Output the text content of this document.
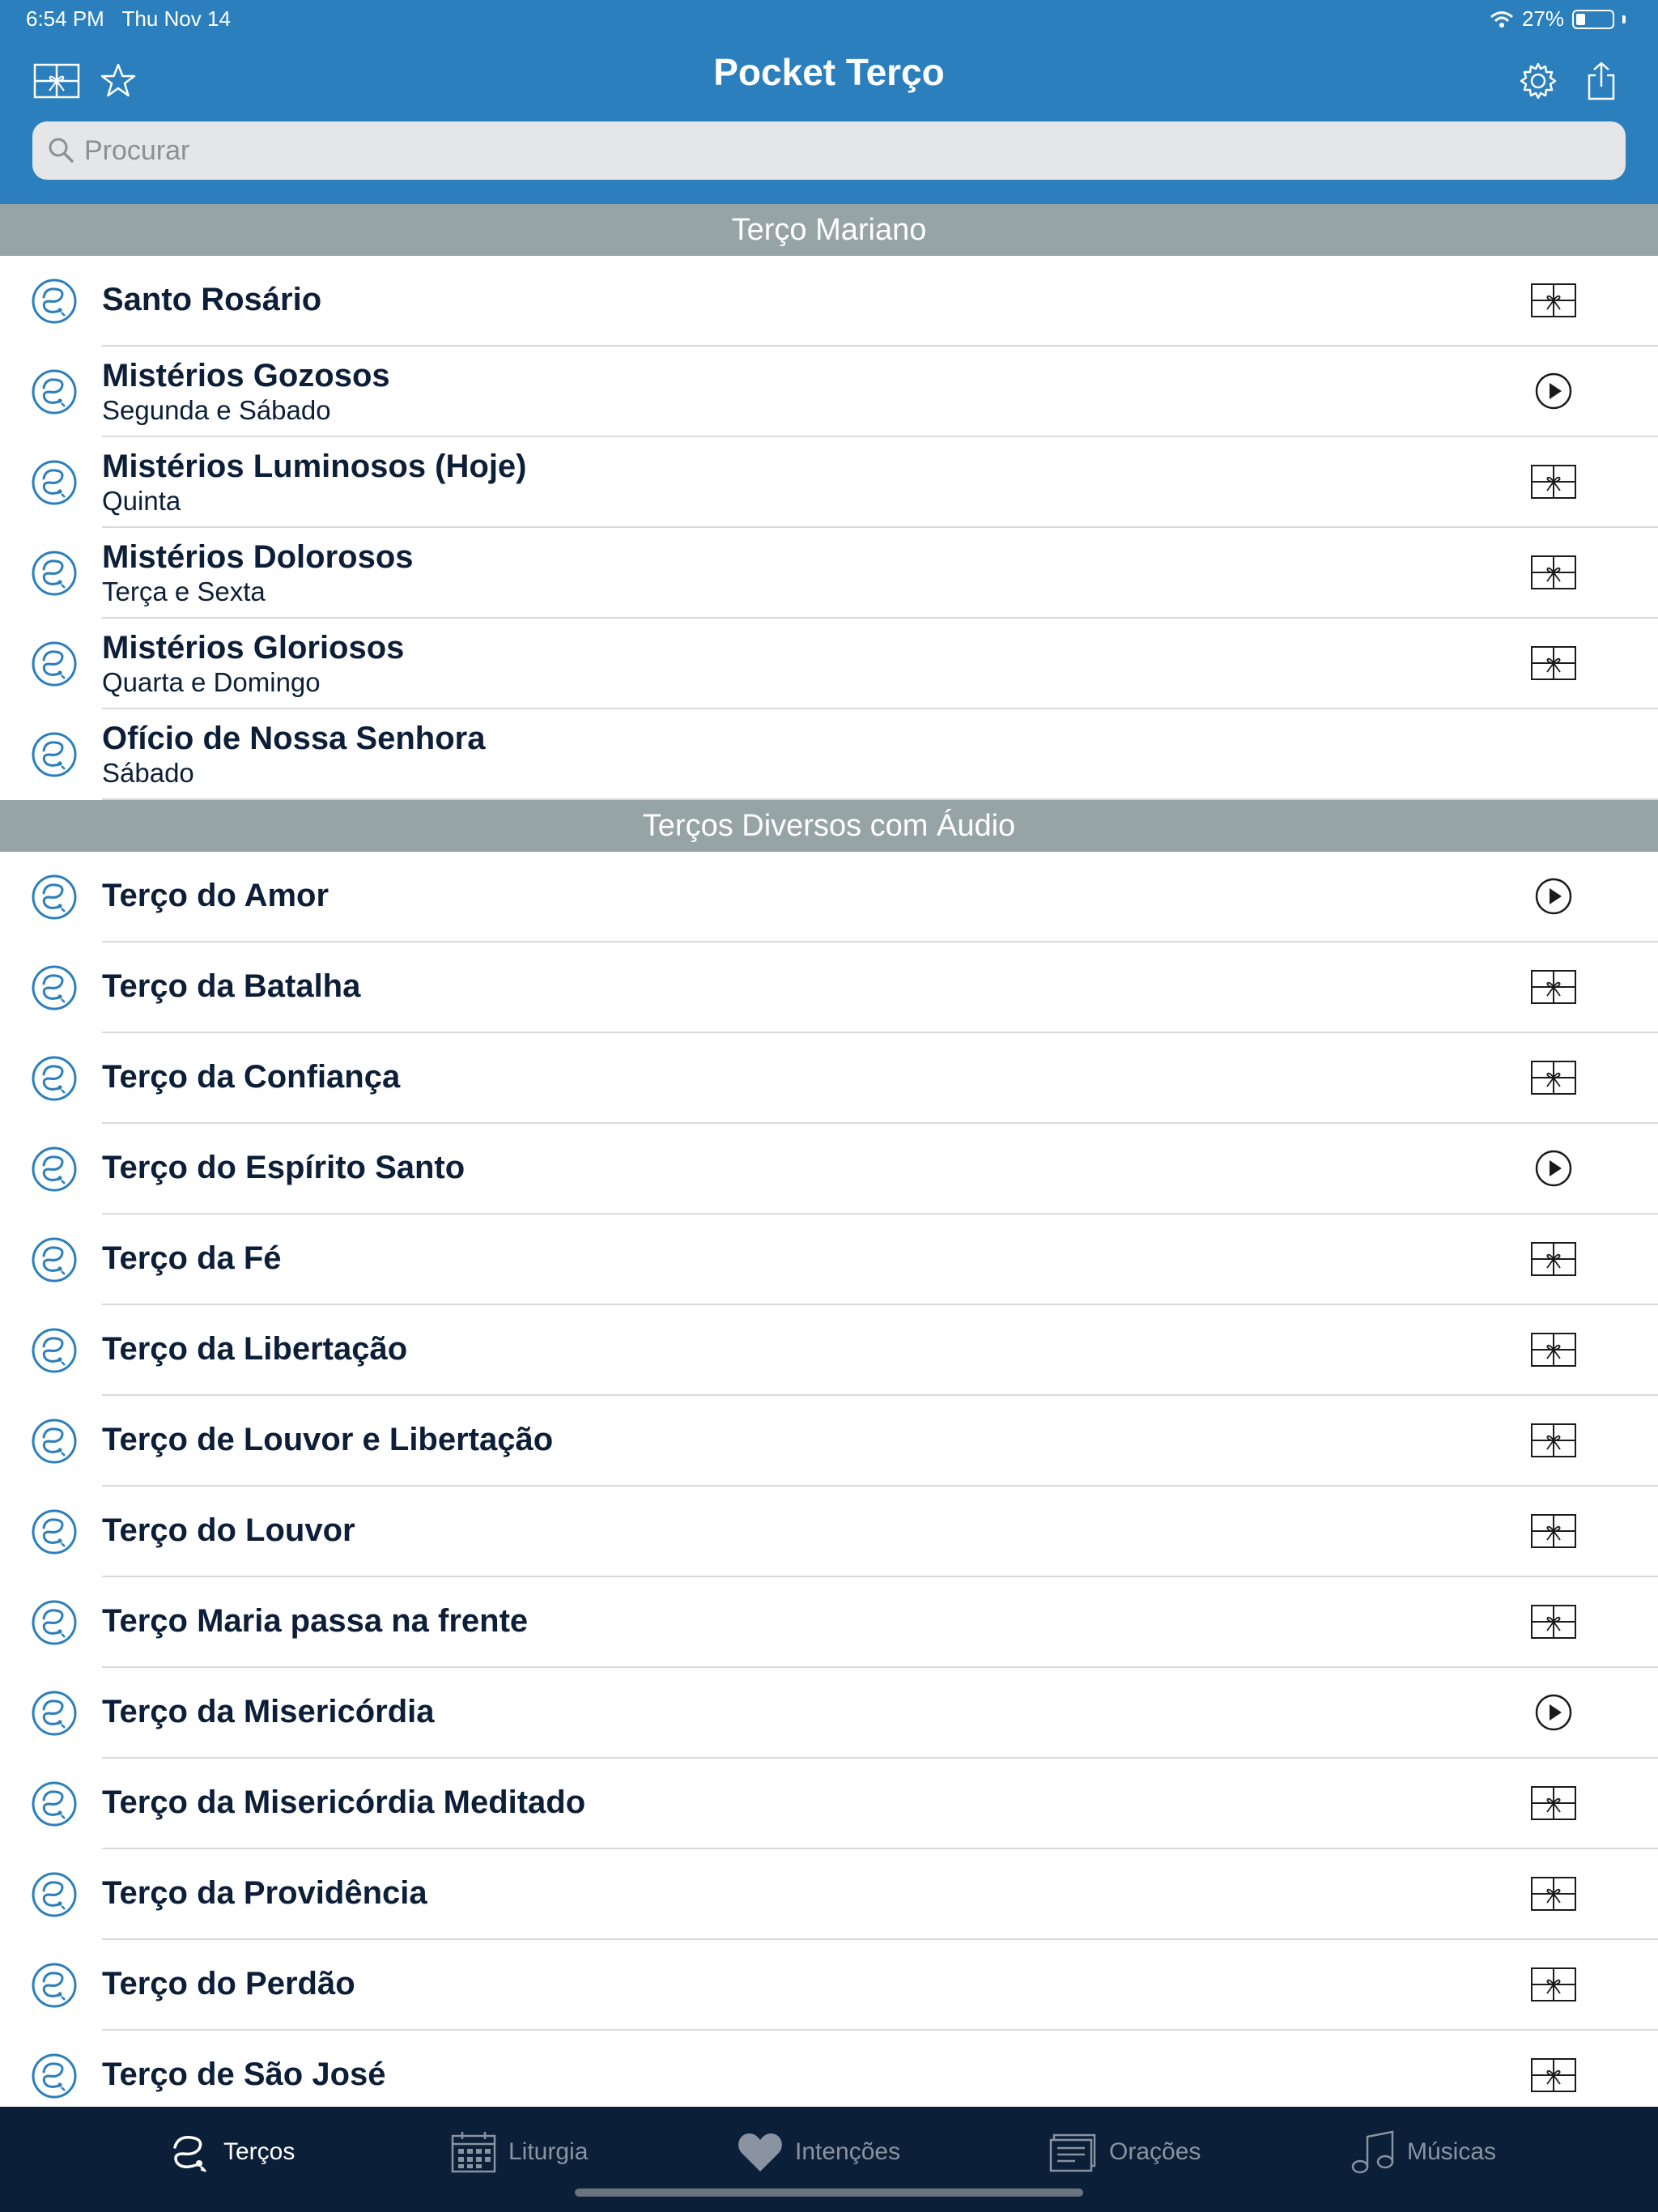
6:54 PM Thu Nov 14	27%
Pocket Terço
Procurar
Terço Mariano
Santo Rosário
Mistérios Gozosos
Segunda e Sábado
Mistérios Luminosos (Hoje)
Quinta
Mistérios Dolorosos
Terça e Sexta
Mistérios Gloriosos
Quarta e Domingo
Ofício de Nossa Senhora
Sábado
Terços Diversos com Áudio
Terço do Amor
Terço da Batalha
Terço da Confiança
Terço do Espírito Santo
Terço da Fé
Terço da Libertação
Terço de Louvor e Libertação
Terço do Louvor
Terço Maria passa na frente
Terço da Misericórdia
Terço da Misericórdia Meditado
Terço da Providência
Terço do Perdão
Terço de São José
Terços	Liturgia	Intenções	Orações	Músicas
